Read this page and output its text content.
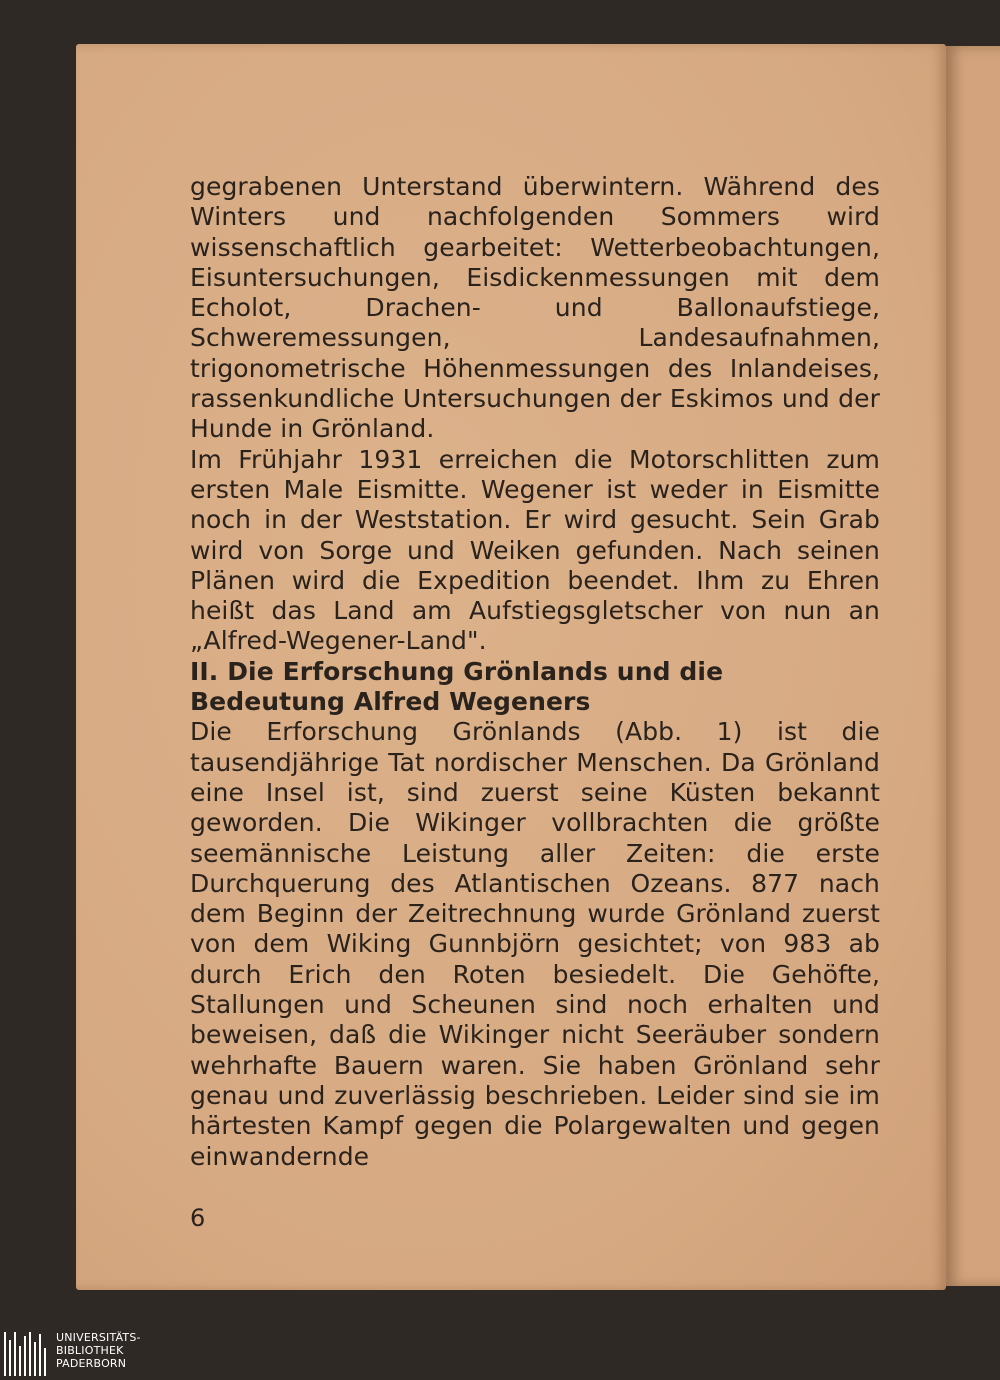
gegrabenen Unterstand überwintern. Während des Winters und nachfolgenden Sommers wird wissenschaftlich gearbeitet: Wetterbeobachtungen, Eisuntersuchungen, Eisdickenmessungen mit dem Echolot, Drachen- und Ballonaufstiege, Schweremessungen, Landesaufnahmen, trigonometrische Höhenmessungen des Inlandeises, rassenkundliche Untersuchungen der Eskimos und der Hunde in Grönland.

Im Frühjahr 1931 erreichen die Motorschlitten zum ersten Male Eismitte. Wegener ist weder in Eismitte noch in der Weststation. Er wird gesucht. Sein Grab wird von Sorge und Weiken gefunden. Nach seinen Plänen wird die Expedition beendet. Ihm zu Ehren heißt das Land am Aufstiegsgletscher von nun an „Alfred-Wegener-Land".

II. Die Erforschung Grönlands und die Bedeutung Alfred Wegeners

Die Erforschung Grönlands (Abb. 1) ist die tausendjährige Tat nordischer Menschen. Da Grönland eine Insel ist, sind zuerst seine Küsten bekannt geworden. Die Wikinger vollbrachten die größte seemännische Leistung aller Zeiten: die erste Durchquerung des Atlantischen Ozeans. 877 nach dem Beginn der Zeitrechnung wurde Grönland zuerst von dem Wiking Gunnbjörn gesichtet; von 983 ab durch Erich den Roten besiedelt. Die Gehöfte, Stallungen und Scheunen sind noch erhalten und beweisen, daß die Wikinger nicht Seeräuber sondern wehrhafte Bauern waren. Sie haben Grönland sehr genau und zuverlässig beschrieben. Leider sind sie im härtesten Kampf gegen die Polargewalten und gegen einwandernde

6
UNIVERSITÄTS-
BIBLIOTHEK
PADERBORN
